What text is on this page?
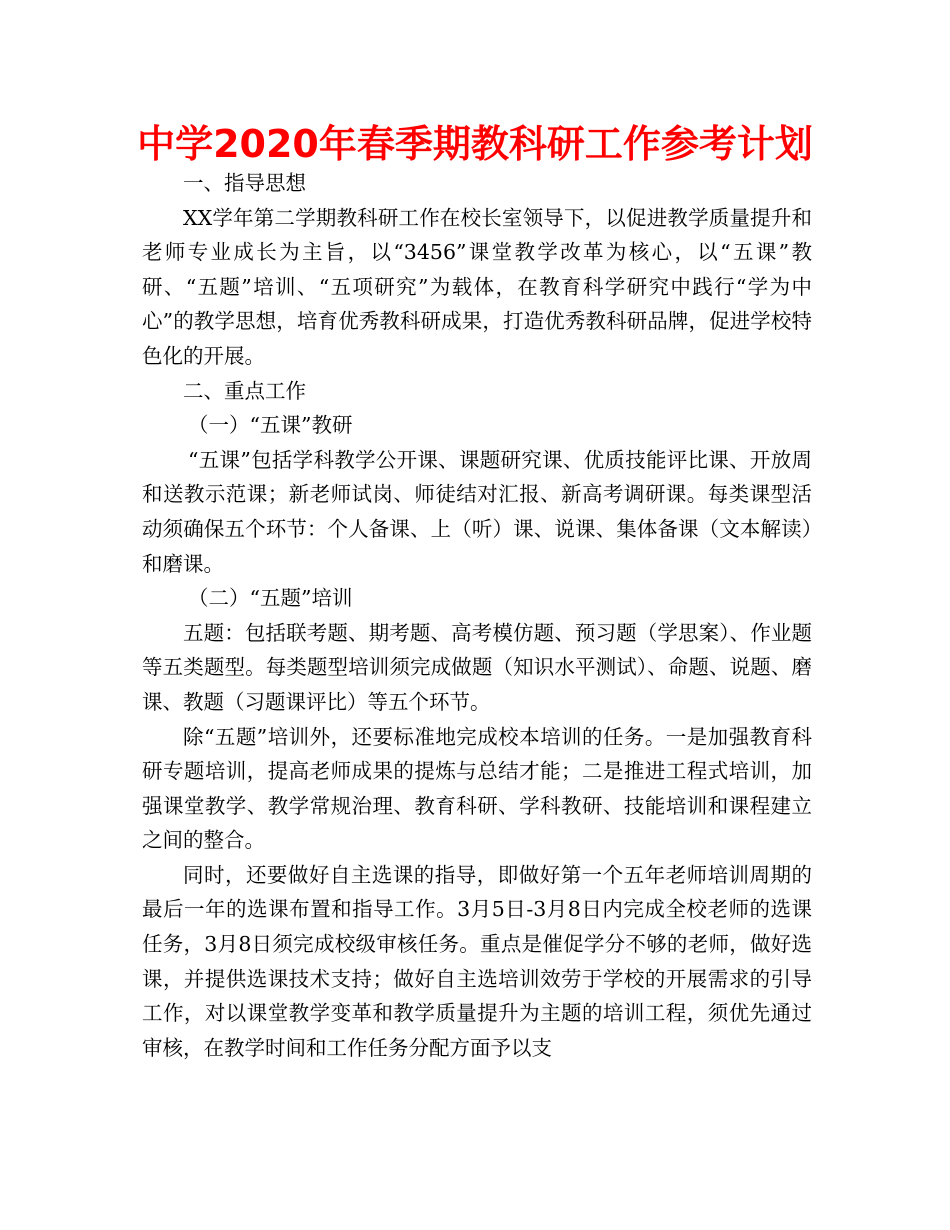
中学2020年春季期教科研工作参考计划

一、指导思想

XX学年第二学期教科研工作在校长室领导下，以促进教学质量提升和老师专业成长为主旨，以“3456”课堂教学改革为核心，以“五课”教研、“五题”培训、“五项研究”为载体，在教育科学研究中践行“学为中心”的教学思想，培育优秀教科研成果，打造优秀教科研品牌，促进学校特色化的开展。

二、重点工作

（一）“五课”教研

“五课”包括学科教学公开课、课题研究课、优质技能评比课、开放周和送教示范课；新老师试岗、师徒结对汇报、新高考调研课。每类课型活动须确保五个环节：个人备课、上（听）课、说课、集体备课（文本解读）和磨课。

（二）“五题”培训

五题：包括联考题、期考题、高考模仿题、预习题（学思案）、作业题等五类题型。每类题型培训须完成做题（知识水平测试）、命题、说题、磨课、教题（习题课评比）等五个环节。

除“五题”培训外，还要标准地完成校本培训的任务。一是加强教育科研专题培训，提高老师成果的提炼与总结才能；二是推进工程式培训，加强课堂教学、教学常规治理、教育科研、学科教研、技能培训和课程建立之间的整合。

同时，还要做好自主选课的指导，即做好第一个五年老师培训周期的最后一年的选课布置和指导工作。3月5日-3月8日内完成全校老师的选课任务，3月8日须完成校级审核任务。重点是催促学分不够的老师，做好选课，并提供选课技术支持；做好自主选培训效劳于学校的开展需求的引导工作，对以课堂教学变革和教学质量提升为主题的培训工程，须优先通过审核，在教学时间和工作任务分配方面予以支
